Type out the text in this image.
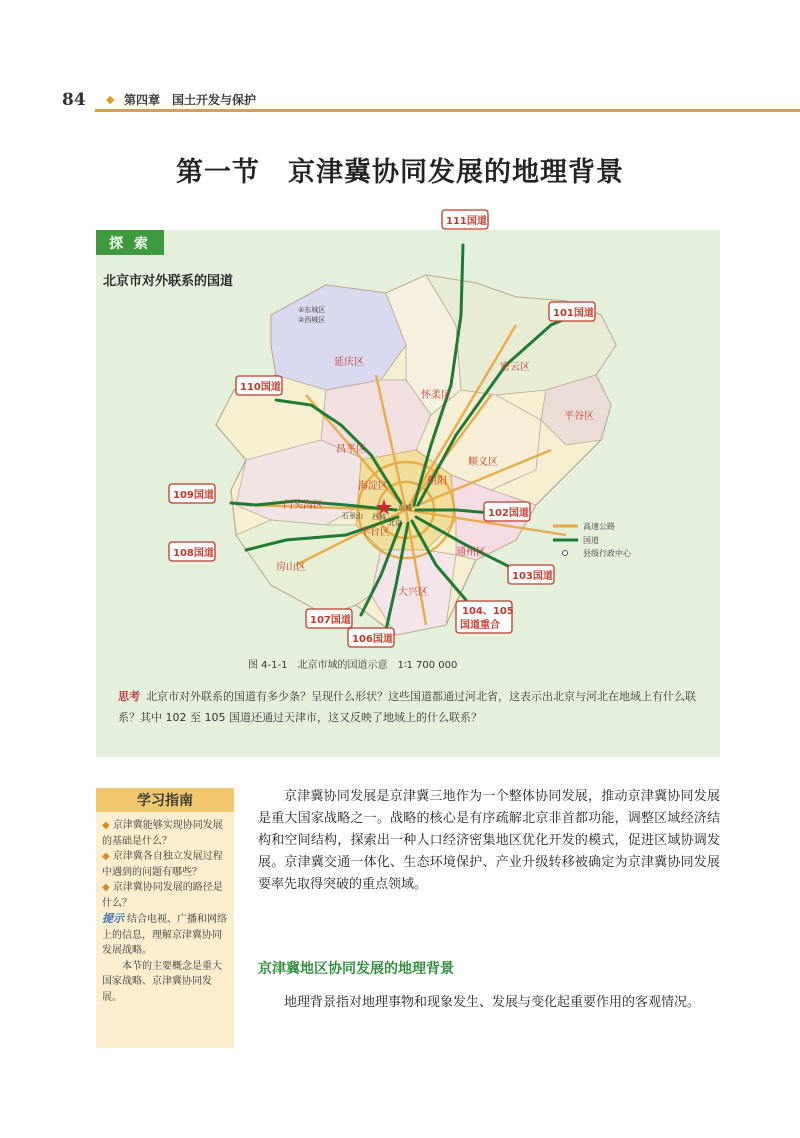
84 ◆ 第四章　国土开发与保护
第一节　京津冀协同发展的地理背景
探 索
北京市对外联系的国道
延庆区
怀柔区
密云区
平谷区
昌平区
顺义区
海淀区
门头沟区
朝阳
房山区
通州区
大兴区
丰台区
东城
西城
石景山
北京
①东城区
②西城区
111国道
101国道
110国道
109国道
102国道
108国道
103国道
104、105
国道重合
107国道
106国道
高速公路
国道
县级行政中心
图 4-1-1　北京市域的国道示意　1∶1 700 000
思考 北京市对外联系的国道有多少条？呈现什么形状？这些国道都通过河北省，这表示出北京与河北在地域上有什么联系？其中 102 至 105 国道还通过天津市，这又反映了地域上的什么联系？
学习指南
◆ 京津冀能够实现协同发展的基础是什么？
◆ 京津冀各自独立发展过程中遇到的问题有哪些？
◆ 京津冀协同发展的路径是什么？
提示 结合电视、广播和网络上的信息，理解京津冀协同发展战略。
本节的主要概念是重大国家战略、京津冀协同发展。
京津冀协同发展是京津冀三地作为一个整体协同发展，推动京津冀协同发展是重大国家战略之一。战略的核心是有序疏解北京非首都功能，调整区域经济结构和空间结构，探索出一种人口经济密集地区优化开发的模式，促进区域协调发展。京津冀交通一体化、生态环境保护、产业升级转移被确定为京津冀协同发展要率先取得突破的重点领域。
京津冀地区协同发展的地理背景
地理背景指对地理事物和现象发生、发展与变化起重要作用的客观情况。
